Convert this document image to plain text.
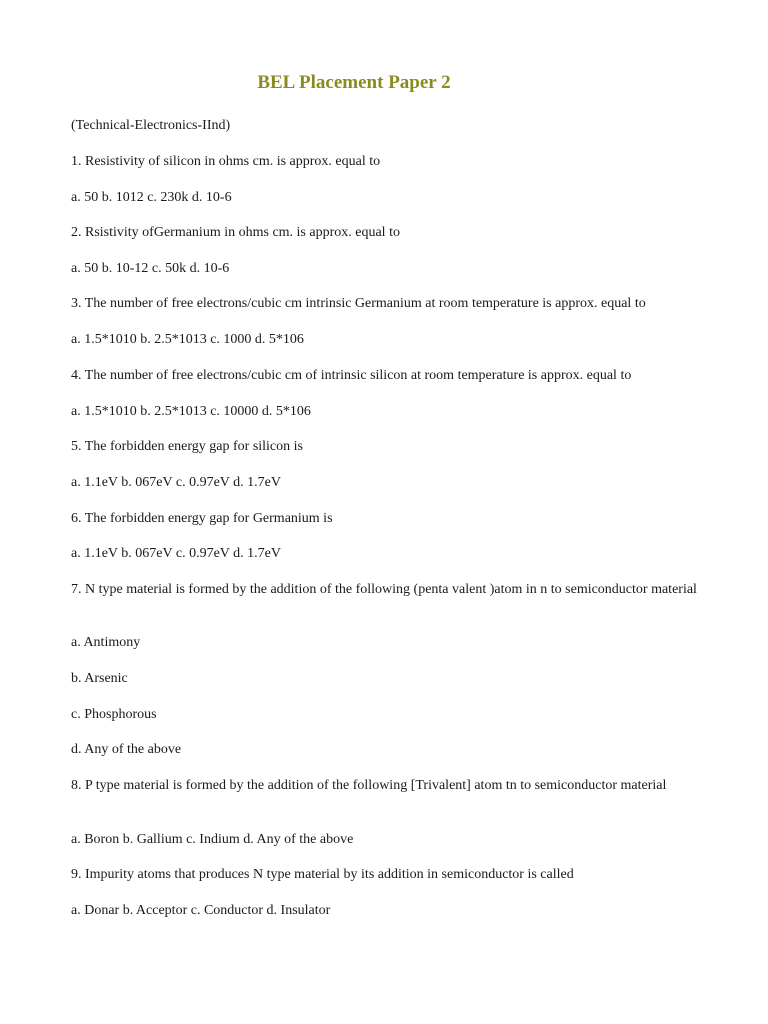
BEL Placement Paper 2

(Technical-Electronics-IInd)

1. Resistivity of silicon in ohms cm. is approx. equal to

a. 50 b. 1012 c. 230k d. 10-6

2. Rsistivity ofGermanium in ohms cm. is approx. equal to

a. 50 b. 10-12 c. 50k d. 10-6

3. The number of free electrons/cubic cm intrinsic Germanium at room temperature is approx. equal to

a. 1.5*1010 b. 2.5*1013 c. 1000 d. 5*106

4. The number of free electrons/cubic cm of intrinsic silicon at room temperature is approx. equal to

a. 1.5*1010 b. 2.5*1013 c. 10000 d. 5*106

5. The forbidden energy gap for silicon is

a. 1.1eV b. 067eV c. 0.97eV d. 1.7eV

6. The forbidden energy gap for Germanium is

a. 1.1eV b. 067eV c. 0.97eV d. 1.7eV

7. N type material is formed by the addition of the following (penta valent )atom in n to semiconductor material

a. Antimony

b. Arsenic

c. Phosphorous

d. Any of the above

8. P type material is formed by the addition of the following [Trivalent] atom tn to semiconductor material

a. Boron b. Gallium c. Indium d. Any of the above

9. Impurity atoms that produces N type material by its addition in semiconductor is called

a. Donar b. Acceptor c. Conductor d. Insulator
